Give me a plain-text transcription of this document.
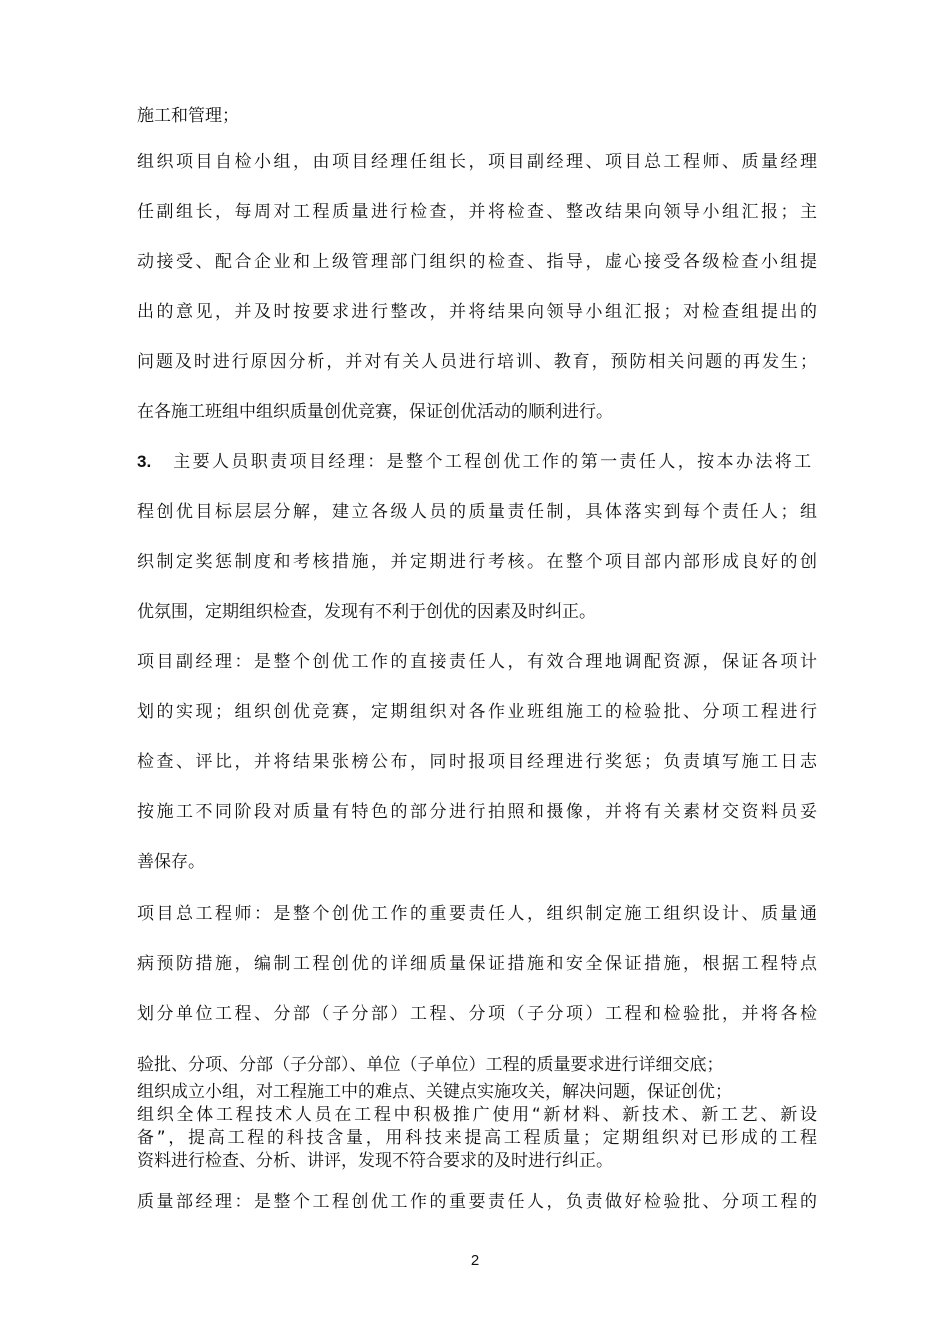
施工和管理；
组织项目自检小组，由项目经理任组长，项目副经理、项目总工程师、质量经理
任副组长，每周对工程质量进行检查，并将检查、整改结果向领导小组汇报；主
动接受、配合企业和上级管理部门组织的检查、指导，虚心接受各级检查小组提
出的意见，并及时按要求进行整改，并将结果向领导小组汇报；对检查组提出的
问题及时进行原因分析，并对有关人员进行培训、教育，预防相关问题的再发生；
在各施工班组中组织质量创优竞赛，保证创优活动的顺利进行。
3. 主要人员职责项目经理：是整个工程创优工作的第一责任人，按本办法将工
程创优目标层层分解，建立各级人员的质量责任制，具体落实到每个责任人；组
织制定奖惩制度和考核措施，并定期进行考核。在整个项目部内部形成良好的创
优氛围，定期组织检查，发现有不利于创优的因素及时纠正。
项目副经理：是整个创优工作的直接责任人，有效合理地调配资源，保证各项计
划的实现；组织创优竞赛，定期组织对各作业班组施工的检验批、分项工程进行
检查、评比，并将结果张榜公布，同时报项目经理进行奖惩；负责填写施工日志
按施工不同阶段对质量有特色的部分进行拍照和摄像，并将有关素材交资料员妥
善保存。
项目总工程师：是整个创优工作的重要责任人，组织制定施工组织设计、质量通
病预防措施，编制工程创优的详细质量保证措施和安全保证措施，根据工程特点
划分单位工程、分部（子分部）工程、分项（子分项）工程和检验批，并将各检
验批、分项、分部（子分部）、单位（子单位）工程的质量要求进行详细交底；
组织成立小组，对工程施工中的难点、关键点实施攻关，解决问题，保证创优；
组织全体工程技术人员在工程中积极推广使用“新材料、新技术、新工艺、新设
备”，提高工程的科技含量，用科技来提高工程质量；定期组织对已形成的工程
资料进行检查、分析、讲评，发现不符合要求的及时进行纠正。
质量部经理：是整个工程创优工作的重要责任人，负责做好检验批、分项工程的
2
